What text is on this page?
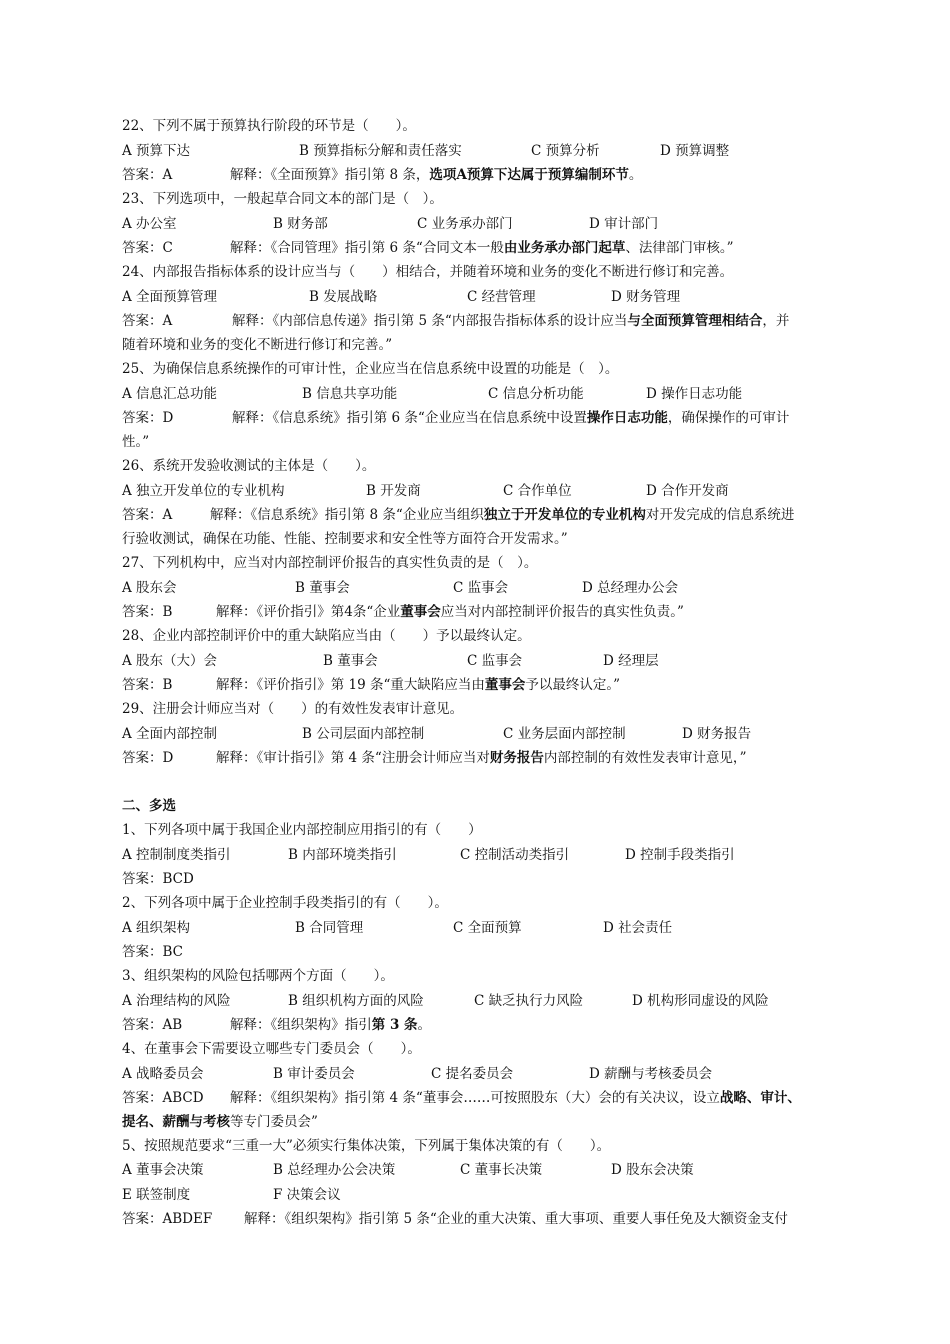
22、下列不属于预算执行阶段的环节是（　　）。
A 预算下达	B 预算指标分解和责任落实	C 预算分析	D 预算调整
答案：A	解释：《全面预算》指引第 8 条，选项A预算下达属于预算编制环节。
23、下列选项中，一般起草合同文本的部门是（　）。
A 办公室	B 财务部	C 业务承办部门	D 审计部门
答案：C	解释：《合同管理》指引第 6 条“合同文本一般由业务承办部门起草、法律部门审核。”
24、内部报告指标体系的设计应当与（　　）相结合，并随着环境和业务的变化不断进行修订和完善。
A 全面预算管理	B 发展战略	C 经营管理	D 财务管理
答案：A	解释：《内部信息传递》指引第 5 条“内部报告指标体系的设计应当与全面预算管理相结合，并
随着环境和业务的变化不断进行修订和完善。”
25、为确保信息系统操作的可审计性，企业应当在信息系统中设置的功能是（　）。
A 信息汇总功能	B 信息共享功能	C 信息分析功能	D 操作日志功能
答案：D	解释：《信息系统》指引第 6 条“企业应当在信息系统中设置操作日志功能，确保操作的可审计
性。”
26、系统开发验收测试的主体是（　　）。
A 独立开发单位的专业机构	B 开发商	C 合作单位	D 合作开发商
答案：A	解释：《信息系统》指引第 8 条“企业应当组织独立于开发单位的专业机构对开发完成的信息系统进
行验收测试，确保在功能、性能、控制要求和安全性等方面符合开发需求。”
27、下列机构中，应当对内部控制评价报告的真实性负责的是（　）。
A 股东会	B 董事会	C 监事会	D 总经理办公会
答案：B	解释：《评价指引》第4条“企业董事会应当对内部控制评价报告的真实性负责。”
28、企业内部控制评价中的重大缺陷应当由（　　）予以最终认定。
A 股东（大）会	B 董事会	C 监事会	D 经理层
答案：B	解释：《评价指引》第 19 条“重大缺陷应当由董事会予以最终认定。”
29、注册会计师应当对（　　）的有效性发表审计意见。
A 全面内部控制	B 公司层面内部控制	C 业务层面内部控制	D 财务报告
答案：D	解释：《审计指引》第 4 条“注册会计师应当对财务报告内部控制的有效性发表审计意见，”
二、多选
1、下列各项中属于我国企业内部控制应用指引的有（　　）
A 控制制度类指引	B 内部环境类指引	C 控制活动类指引	D 控制手段类指引
答案：BCD
2、下列各项中属于企业控制手段类指引的有（　　）。
A 组织架构	B 合同管理	C 全面预算	D 社会责任
答案：BC
3、组织架构的风险包括哪两个方面（　　）。
A 治理结构的风险	B 组织机构方面的风险	C 缺乏执行力风险	D 机构形同虚设的风险
答案：AB	解释：《组织架构》指引第 3 条。
4、在董事会下需要设立哪些专门委员会（　　）。
A 战略委员会	B 审计委员会	C 提名委员会	D 薪酬与考核委员会
答案：ABCD 解释：《组织架构》指引第 4 条“董事会……可按照股东（大）会的有关决议，设立战略、审计、
提名、薪酬与考核等专门委员会”
5、按照规范要求“三重一大”必须实行集体决策，下列属于集体决策的有（　　）。
A 董事会决策	B 总经理办公会决策	C 董事长决策	D 股东会决策
E 联签制度	F 决策会议
答案：ABDEF 解释：《组织架构》指引第 5 条“企业的重大决策、重大事项、重要人事任免及大额资金支付
